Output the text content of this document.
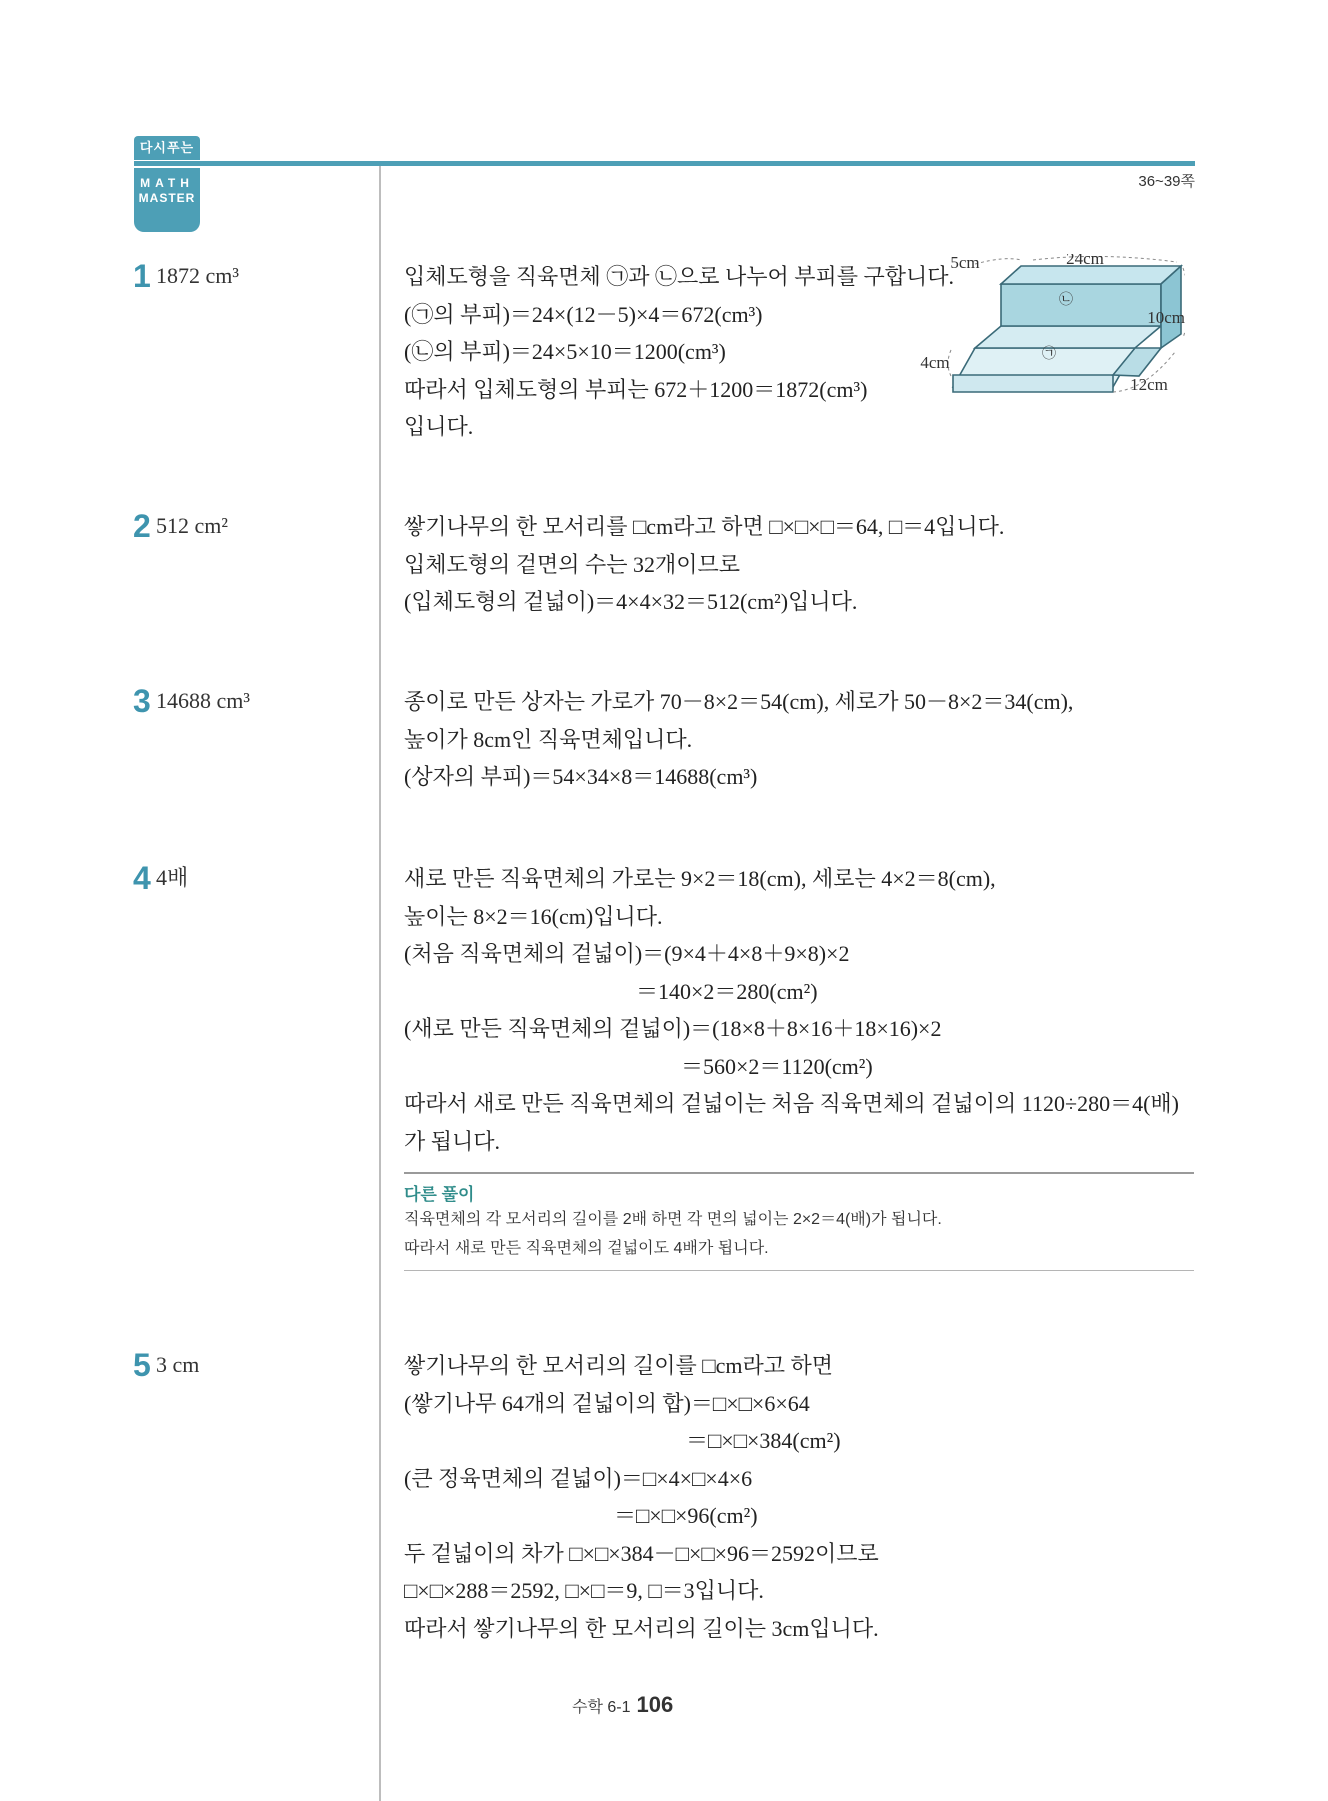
다시푸는
MATH
MASTER
36~39쪽
1 1872 cm³	입체도형을 직육면체 ㉠과 ㉡으로 나누어 부피를 구합니다.
(㉠의 부피)＝24×(12－5)×4＝672(cm³)
(㉡의 부피)＝24×5×10＝1200(cm³)
따라서 입체도형의 부피는 672＋1200＝1872(cm³)
입니다.
5cm	24cm
10cm
4cm
12cm
㉠
㉡
2 512 cm²	쌓기나무의 한 모서리를 □cm라고 하면 □×□×□＝64, □＝4입니다.
입체도형의 겉면의 수는 32개이므로
(입체도형의 겉넓이)＝4×4×32＝512(cm²)입니다.
3 14688 cm³	종이로 만든 상자는 가로가 70－8×2＝54(cm), 세로가 50－8×2＝34(cm),
높이가 8cm인 직육면체입니다.
(상자의 부피)＝54×34×8＝14688(cm³)
4 4배	새로 만든 직육면체의 가로는 9×2＝18(cm), 세로는 4×2＝8(cm),
높이는 8×2＝16(cm)입니다.
(처음 직육면체의 겉넓이)＝(9×4＋4×8＋9×8)×2
＝140×2＝280(cm²)
(새로 만든 직육면체의 겉넓이)＝(18×8＋8×16＋18×16)×2
＝560×2＝1120(cm²)
따라서 새로 만든 직육면체의 겉넓이는 처음 직육면체의 겉넓이의 1120÷280＝4(배)
가 됩니다.
다른 풀이
직육면체의 각 모서리의 길이를 2배 하면 각 면의 넓이는 2×2＝4(배)가 됩니다.
따라서 새로 만든 직육면체의 겉넓이도 4배가 됩니다.
5 3 cm	쌓기나무의 한 모서리의 길이를 □cm라고 하면
(쌓기나무 64개의 겉넓이의 합)＝□×□×6×64
＝□×□×384(cm²)
(큰 정육면체의 겉넓이)＝□×4×□×4×6
＝□×□×96(cm²)
두 겉넓이의 차가 □×□×384－□×□×96＝2592이므로
□×□×288＝2592, □×□＝9, □＝3입니다.
따라서 쌓기나무의 한 모서리의 길이는 3cm입니다.
수학 6-1 106
